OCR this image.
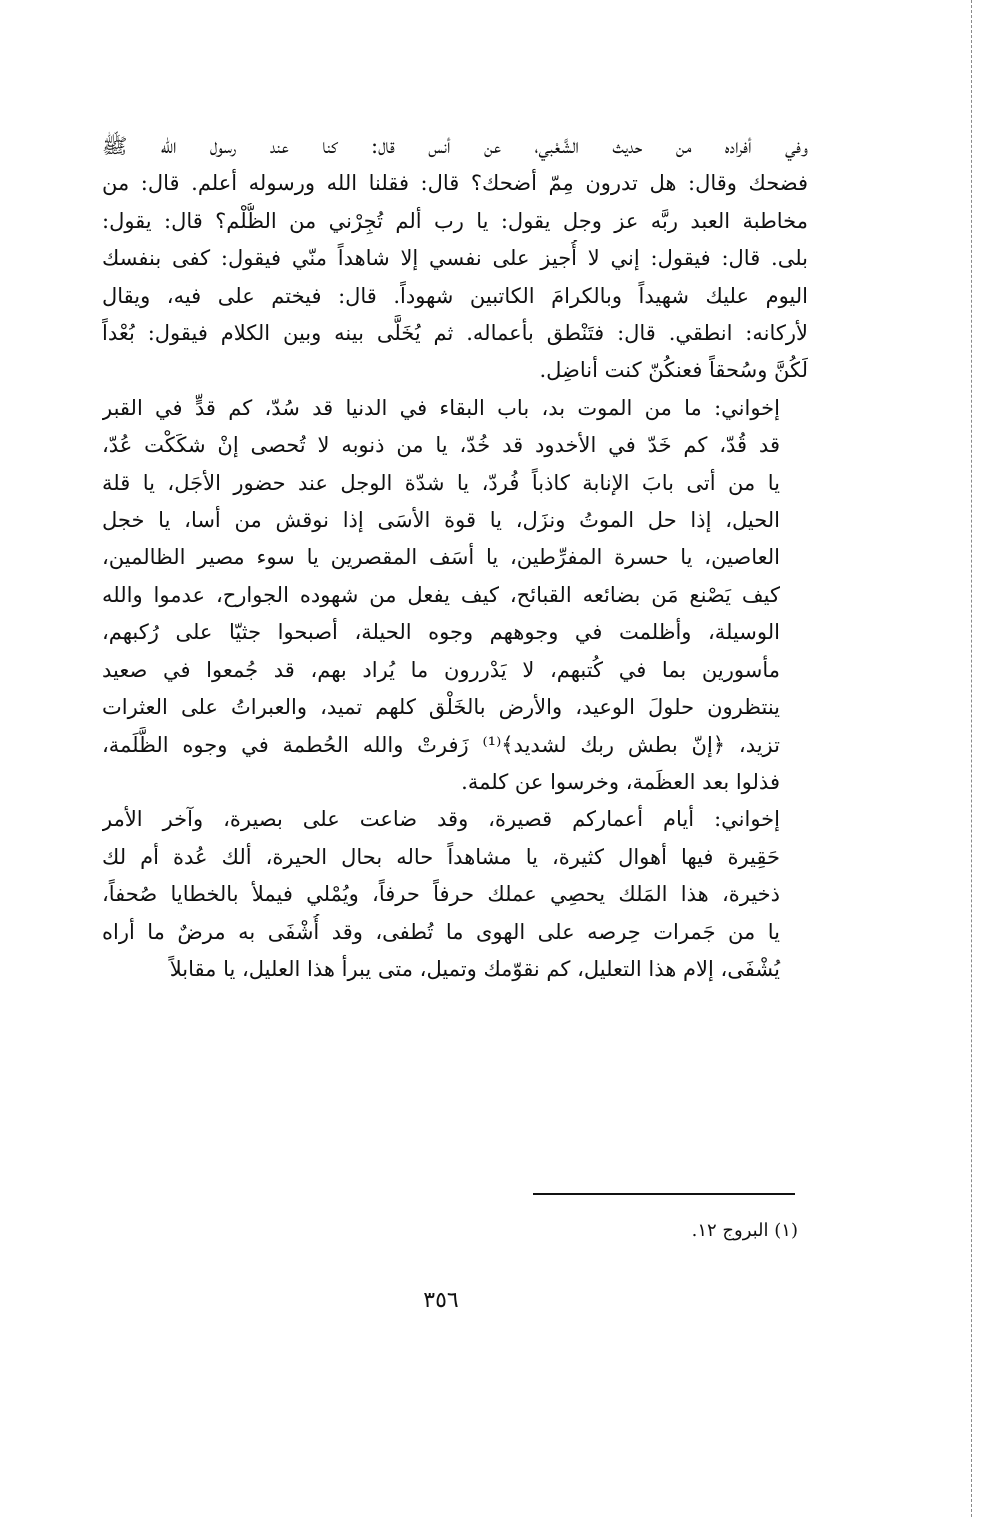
وفي أفراده من حديث الشَّعْبي، عن أنس قال: كنا عند رسول الله ﷺ
فضحك وقال: هل تدرون مِمّ أضحك؟ قال: فقلنا الله ورسوله أعلم. قال: من
مخاطبة العبد ربَّه عز وجل يقول: يا رب ألم تُجِرْني من الظُّلْم؟ قال: يقول:
بلى. قال: فيقول: إني لا أُجيز على نفسي إلا شاهداً منّي فيقول: كفى بنفسك
اليوم عليك شهيداً وبالكرامَ الكاتبين شهوداً. قال: فيختم على فيه، ويقال
لأركانه: انطقي. قال: فتَنْطق بأعماله. ثم يُخَلَّى بينه وبين الكلام فيقول: بُعْداً
لَكُنَّ وسُحقاً فعنكُنّ كنت أناضِل.

إخواني: ما من الموت بد، باب البقاء في الدنيا قد سُدّ، كم قدٍّ في القبر
قد قُدّ، كم خَدّ في الأخدود قد خُدّ، يا من ذنوبه لا تُحصى إنْ شكَكْت عُدّ،
يا من أتى بابَ الإنابة كاذباً فُردّ، يا شدّة الوجل عند حضور الأجَل، يا قلة
الحيل، إذا حل الموتُ ونزَل، يا قوة الأسَى إذا نوقش من أسا، يا خجل
العاصين، يا حسرة المفرِّطين، يا أسَف المقصرين يا سوء مصير الظالمين،
كيف يَصْنع مَن بضائعه القبائح، كيف يفعل من شهوده الجوارح، عدموا والله
الوسيلة، وأظلمت في وجوههم وجوه الحيلة، أصبحوا جثيّا على رُكبهم،
مأسورين بما في كُتبهم، لا يَدْررون ما يُراد بهم، قد جُمعوا في صعيد
ينتظرون حلولَ الوعيد، والأرض بالخَلْق كلهم تميد، والعبراتُ على العثرات
تزيد، ﴿إنّ بطش ربك لشديد﴾⁽¹⁾ زَفرتْ والله الحُطمة في وجوه الظَّلَمة،
فذلوا بعد العظَمة، وخرسوا عن كلمة.

إخواني: أيام أعماركم قصيرة، وقد ضاعت على بصيرة، وآخر الأمر
حَقِيرة فيها أهوال كثيرة، يا مشاهداً حاله بحال الحيرة، ألك عُدة أم لك
ذخيرة، هذا المَلك يحصِي عملك حرفاً حرفاً، ويُمْلي فيملأ بالخطايا صُحفاً،
يا من جَمرات حِرصه على الهوى ما تُطفى، وقد أُشْفَى به مرضٌ ما أراه
يُشْفَى، إلام هذا التعليل، كم نقوّمك وتميل، متى يبرأ هذا العليل، يا مقابلاً

(١) البروج ١٢.
٣٥٦
